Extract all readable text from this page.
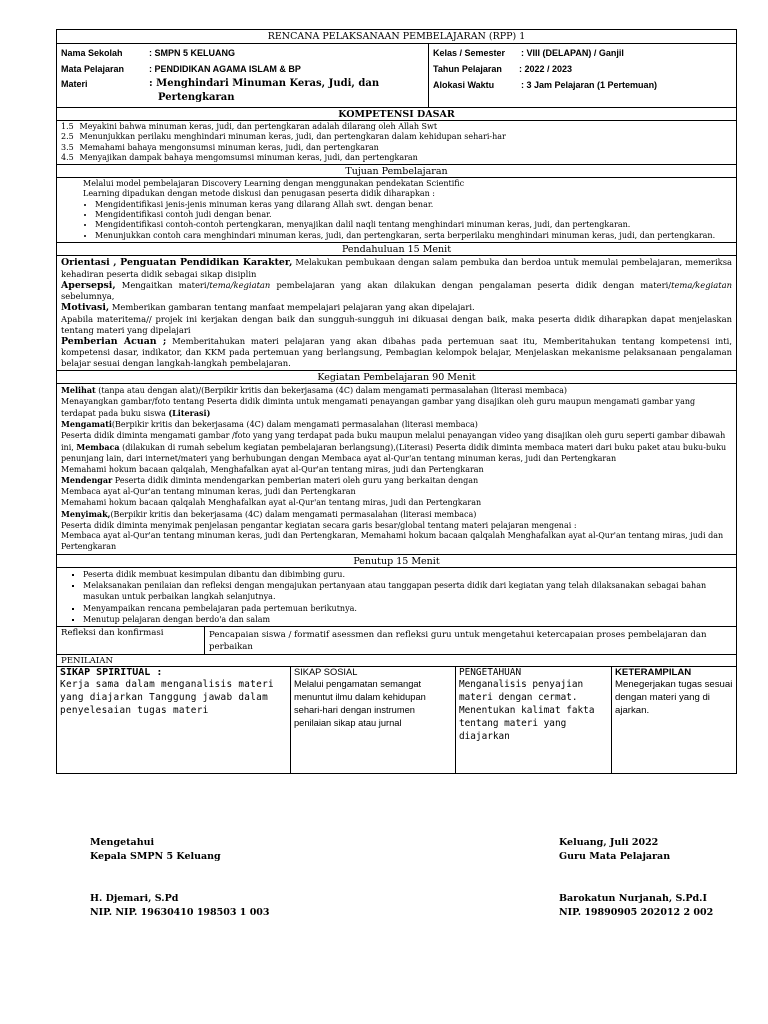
RENCANA PELAKSANAAN PEMBELAJARAN (RPP) 1
Nama Sekolah	: SMPN 5 KELUANG
Mata Pelajaran	: PENDIDIKAN AGAMA ISLAM & BP
Materi	: Menghindari Minuman Keras, Judi, dan
Pertengkaran
Kelas / Semester	: VIII (DELAPAN) / Ganjil
Tahun Pelajaran	: 2022 / 2023
Alokasi Waktu	: 3 Jam Pelajaran (1 Pertemuan)
KOMPETENSI DASAR
1.5 Meyakini bahwa minuman keras, judi, dan pertengkaran adalah dilarang oleh Allah Swt
2.5 Menunjukkan perilaku menghindari minuman keras, judi, dan pertengkaran dalam kehidupan sehari-har
3.5 Memahami bahaya mengonsumsi minuman keras, judi, dan pertengkaran
4.5 Menyajikan dampak bahaya mengomsumsi minuman keras, judi, dan pertengkaran
Tujuan Pembelajaran
Melalui model pembelajaran Discovery Learning dengan menggunakan pendekatan Scientific
Learning dipadukan dengan metode diskusi dan penugasan peserta didik diharapkan :
• Mengidentifikasi jenis-jenis minuman keras yang dilarang Allah swt. dengan benar.
• Mengidentifikasi contoh judi dengan benar.
• Mengidentifikasi contoh-contoh pertengkaran, menyajikan dalil naqli tentang menghindari minuman keras, judi, dan pertengkaran.
• Menunjukkan contoh cara menghindari minuman keras, judi, dan pertengkaran, serta berperilaku menghindari minuman keras, judi, dan pertengkaran.
Pendahuluan 15 Menit
Orientasi , Penguatan Pendidikan Karakter, Melakukan pembukaan dengan salam pembuka dan berdoa untuk memulai pembelajaran, memeriksa kehadiran peserta didik sebagai sikap disiplin
Apersepsi, Mengaitkan materi/tema/kegiatan pembelajaran yang akan dilakukan dengan pengalaman peserta didik dengan materi/tema/kegiatan sebelumnya,
Motivasi, Memberikan gambaran tentang manfaat mempelajari pelajaran yang akan dipelajari.
Apabila materitema// projek ini kerjakan dengan baik dan sungguh-sungguh ini dikuasai dengan baik, maka peserta didik diharapkan dapat menjelaskan tentang materi yang dipelajari
Pemberian Acuan ; Memberitahukan materi pelajaran yang akan dibahas pada pertemuan saat itu, Memberitahukan tentang kompetensi inti, kompetensi dasar, indikator, dan KKM pada pertemuan yang berlangsung, Pembagian kelompok belajar, Menjelaskan mekanisme pelaksanaan pengalaman belajar sesuai dengan langkah-langkah pembelajaran.
Kegiatan Pembelajaran 90 Menit
Melihat (tanpa atau dengan alat)/(Berpikir kritis dan bekerjasama (4C) dalam mengamati permasalahan (literasi membaca)
Menayangkan gambar/foto tentang Peserta didik diminta untuk mengamati penayangan gambar yang disajikan oleh guru maupun mengamati gambar yang terdapat pada buku siswa (Literasi)
Mengamati(Berpikir kritis dan bekerjasama (4C) dalam mengamati permasalahan (literasi membaca)
Peserta didik diminta mengamati gambar /foto yang yang terdapat pada buku maupun melalui penayangan video yang disajikan oleh guru seperti gambar dibawah ini, Membaca (dilakukan di rumah sebelum kegiatan pembelajaran berlangsung),(Literasi) Peserta didik diminta membaca materi dari buku paket atau buku-buku penunjang lain, dari internet/materi yang berhubungan dengan Membaca ayat al-Qur'an tentang minuman keras, judi dan Pertengkaran
Memahami hokum bacaan qalqalah, Menghafalkan ayat al-Qur'an tentang miras, judi dan Pertengkaran
Mendengar Peserta didik diminta mendengarkan pemberian materi oleh guru yang berkaitan dengan
Membaca ayat al-Qur'an tentang minuman keras, judi dan Pertengkaran
Memahami hokum bacaan qalqalah Menghafalkan ayat al-Qur'an tentang miras, judi dan Pertengkaran
Menyimak,(Berpikir kritis dan bekerjasama (4C) dalam mengamati permasalahan (literasi membaca)
Peserta didik diminta menyimak penjelasan pengantar kegiatan secara garis besar/global tentang materi pelajaran mengenai :
Membaca ayat al-Qur'an tentang minuman keras, judi dan Pertengkaran, Memahami hokum bacaan qalqalah Menghafalkan ayat al-Qur'an tentang miras, judi dan Pertengkaran
Penutup 15 Menit
▪ Peserta didik membuat kesimpulan dibantu dan dibimbing guru.
▪ Melaksanakan penilaian dan refleksi dengan mengajukan pertanyaan atau tanggapan peserta didik dari kegiatan yang telah dilaksanakan sebagai bahan masukan untuk perbaikan langkah selanjutnya.
▪ Menyampaikan rencana pembelajaran pada pertemuan berikutnya.
▪ Menutup pelajaran dengan berdo'a dan salam
Refleksi dan konfirmasi	Pencapaian siswa / formatif asessmen dan refleksi guru untuk mengetahui ketercapaian proses pembelajaran dan perbaikan
PENILAIAN
SIKAP SPIRITUAL :
Kerja sama dalam menganalisis materi yang diajarkan Tanggung jawab dalam penyelesaian tugas materi
SIKAP SOSIAL
Melalui pengamatan semangat menuntut ilmu dalam kehidupan sehari-hari dengan instrumen penilaian sikap atau jurnal
PENGETAHUAN
Menganalisis penyajian materi dengan cermat. Menentukan kalimat fakta tentang materi yang diajarkan
KETERAMPILAN
Menegerjakan tugas sesuai dengan materi yang di ajarkan.
Mengetahui
Kepala SMPN 5 Keluang
H. Djemari, S.Pd
NIP. NIP. 19630410 198503 1 003
Keluang, Juli 2022
Guru Mata Pelajaran
Barokatun Nurjanah, S.Pd.I
NIP. 19890905 202012 2 002
